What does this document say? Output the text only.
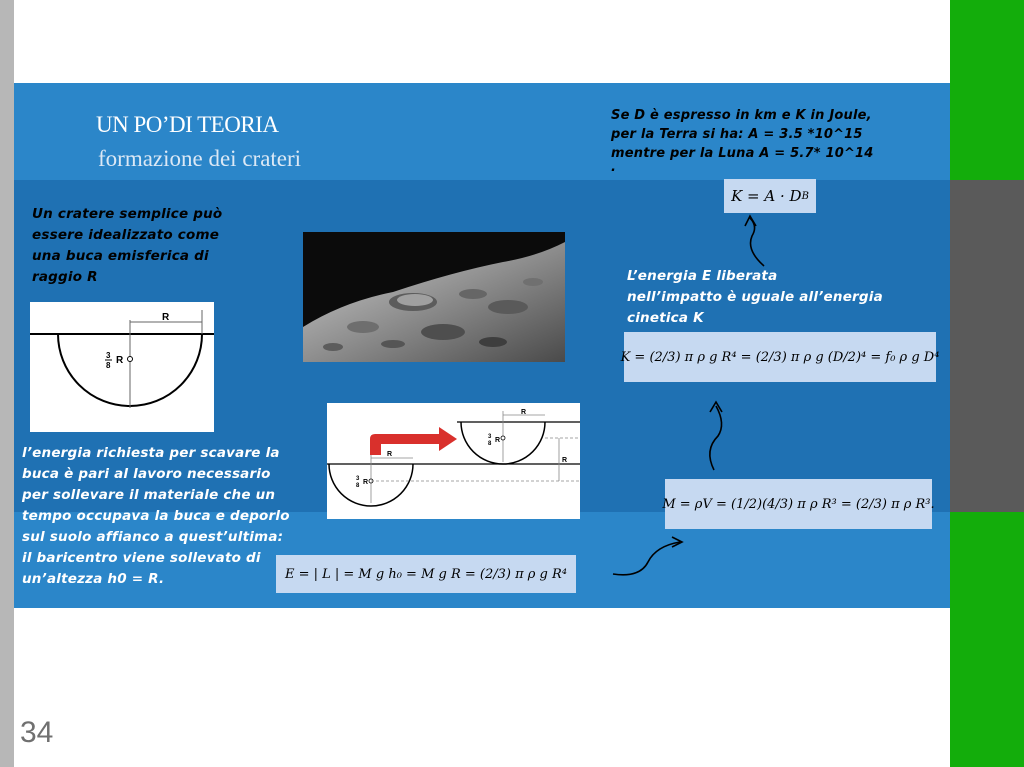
UN PO’DI TEORIA
formazione dei crateri
Se D è espresso in km e K in Joule,
per la Terra si ha: A = 3.5 *10^15
mentre per la Luna A = 5.7* 10^14
.
K = A · D B
Un cratere semplice può
essere idealizzato come
una buca emisferica di
raggio R	L’energia E liberata
nell’impatto è uguale all’energia
cinetica K
R
3
8 R	K = (2/3) π ρ g R⁴ = (2/3) π ρ g (D/2)⁴ = f₀ ρ g D⁴
R
3
8 R
R
3
8 R
R
M = ρV = (1/2)(4/3) π ρ R³ = (2/3) π ρ R³.
l’energia richiesta per scavare la
buca è pari al lavoro necessario
per sollevare il materiale che un
tempo occupava la buca e deporlo
sul suolo affianco a quest’ultima:
il baricentro viene sollevato di
un’altezza h0 = R.	E = | L | = M g h₀ = M g R = (2/3) π ρ g R⁴
34
